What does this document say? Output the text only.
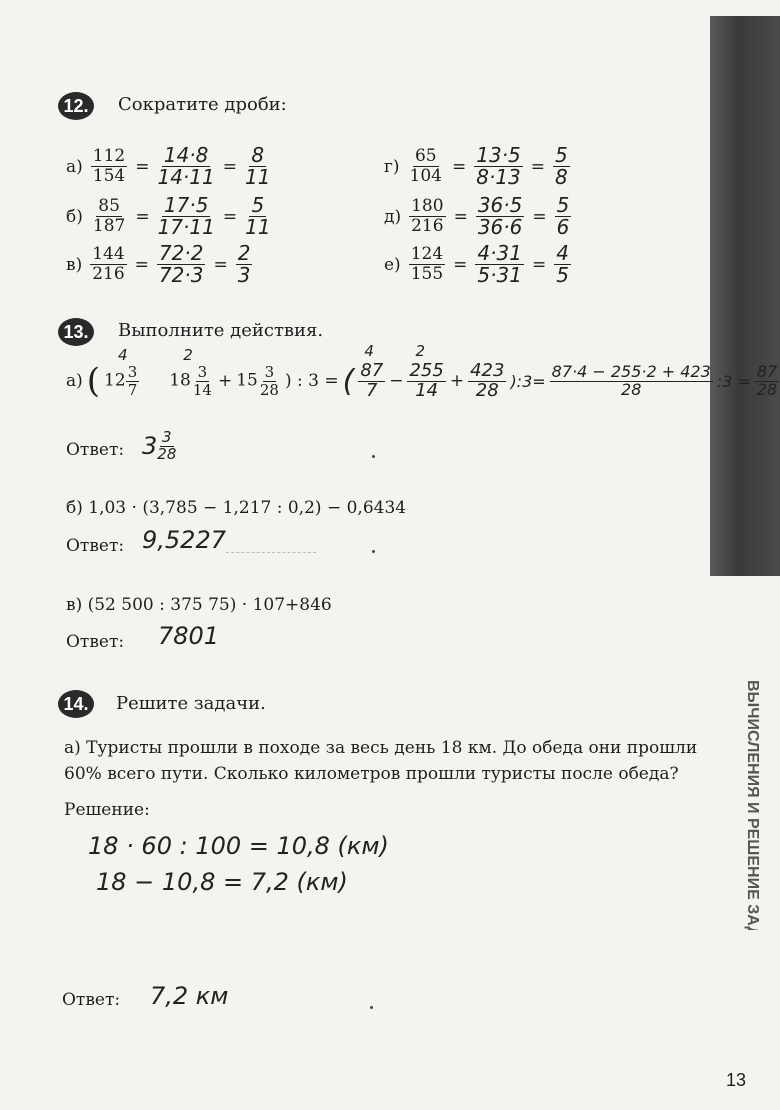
ВЫЧИСЛЕНИЯ И РЕШЕНИЕ ЗАДАЧ 25
12.	Сократите дроби:
$а) \frac{112}{154} = \frac{14\cdot 8}{14\cdot 11} = \frac{8}{11}$
$б) \frac{85}{187} = \frac{17\cdot 5}{17\cdot 11} = \frac{5}{11}$
$в) \frac{144}{216} = \frac{72\cdot 2}{72\cdot 3} = \frac{2}{3}$
$г) \frac{65}{104} = \frac{13\cdot 5}{8\cdot 13} = \frac{5}{8}$
$д) \frac{180}{216} = \frac{36\cdot 5}{36\cdot 6} = \frac{5}{6}$
$е) \frac{124}{155} = \frac{4\cdot 31}{5\cdot 31} = \frac{4}{5}$
13.	Выполните действия.
а) (
4
$12 \frac{3}{7}$
2
$18 \frac{3}{14} + 15 \frac{3}{28}$ ) : 3 = (
4
$\frac{87}{7}$ −
2
$\frac{255}{14} + \frac{423}{28}$ ):3= $\frac{87\cdot 4 - 255\cdot 2 + 423}{28}$ :3 = $\frac{87}{28}$
Ответ: $3 \frac{3}{28}$
б) 1,03 · (3,785 − 1,217 : 0,2) − 0,6434
Ответ: 9,5227
в) (52 500 : 375 75) · 107+846
Ответ: 7801
14.	Решите задачи.
а) Туристы прошли в походе за весь день 18 км. До обеда они прошли
60% всего пути. Сколько километров прошли туристы после обеда?
Решение:
18 · 60 : 100 = 10,8 (км)
18 − 10,8 = 7,2 (км)
Ответ: 7,2 км
13
